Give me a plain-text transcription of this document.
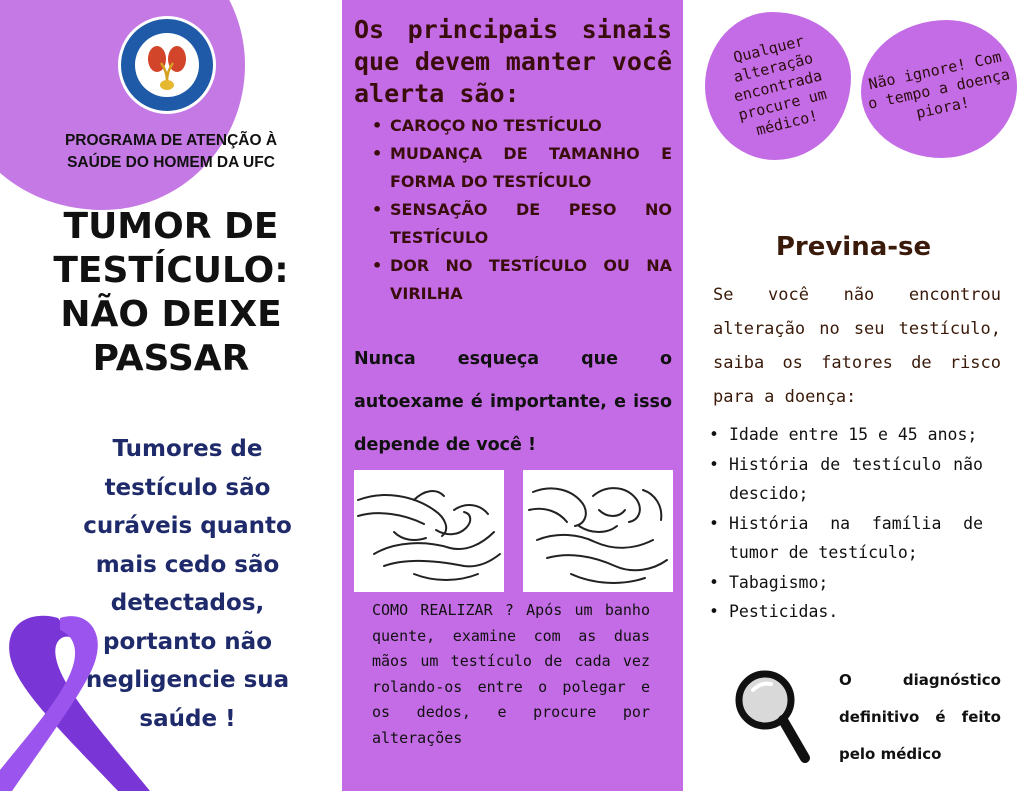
PROGRAMA DE ATENÇÃO À SAÚDE DO HOMEM DA UFC

TUMOR DE TESTÍCULO: NÃO DEIXE PASSAR

Tumores de testículo são curáveis quanto mais cedo são detectados, portanto não negligencie sua saúde !

Os principais sinais que devem manter você alerta são:
• CAROÇO NO TESTÍCULO
• MUDANÇA DE TAMANHO E FORMA DO TESTÍCULO
• SENSAÇÃO DE PESO NO TESTÍCULO
• DOR NO TESTÍCULO OU NA VIRILHA

Nunca esqueça que o autoexame é importante, e isso depende de você !

COMO REALIZAR ? Após um banho quente, examine com as duas mãos um testículo de cada vez rolando-os entre o polegar e os dedos, e procure por alterações

Qualquer alteração encontrada procure um médico!
Não ignore! Com o tempo a doença piora!
Previna-se

Se você não encontrou alteração no seu testículo, saiba os fatores de risco para a doença:

• Idade entre 15 e 45 anos;
• História de testículo não descido;
• História na família de tumor de testículo;
• Tabagismo;
• Pesticidas.

O diagnóstico definitivo é feito pelo médico
